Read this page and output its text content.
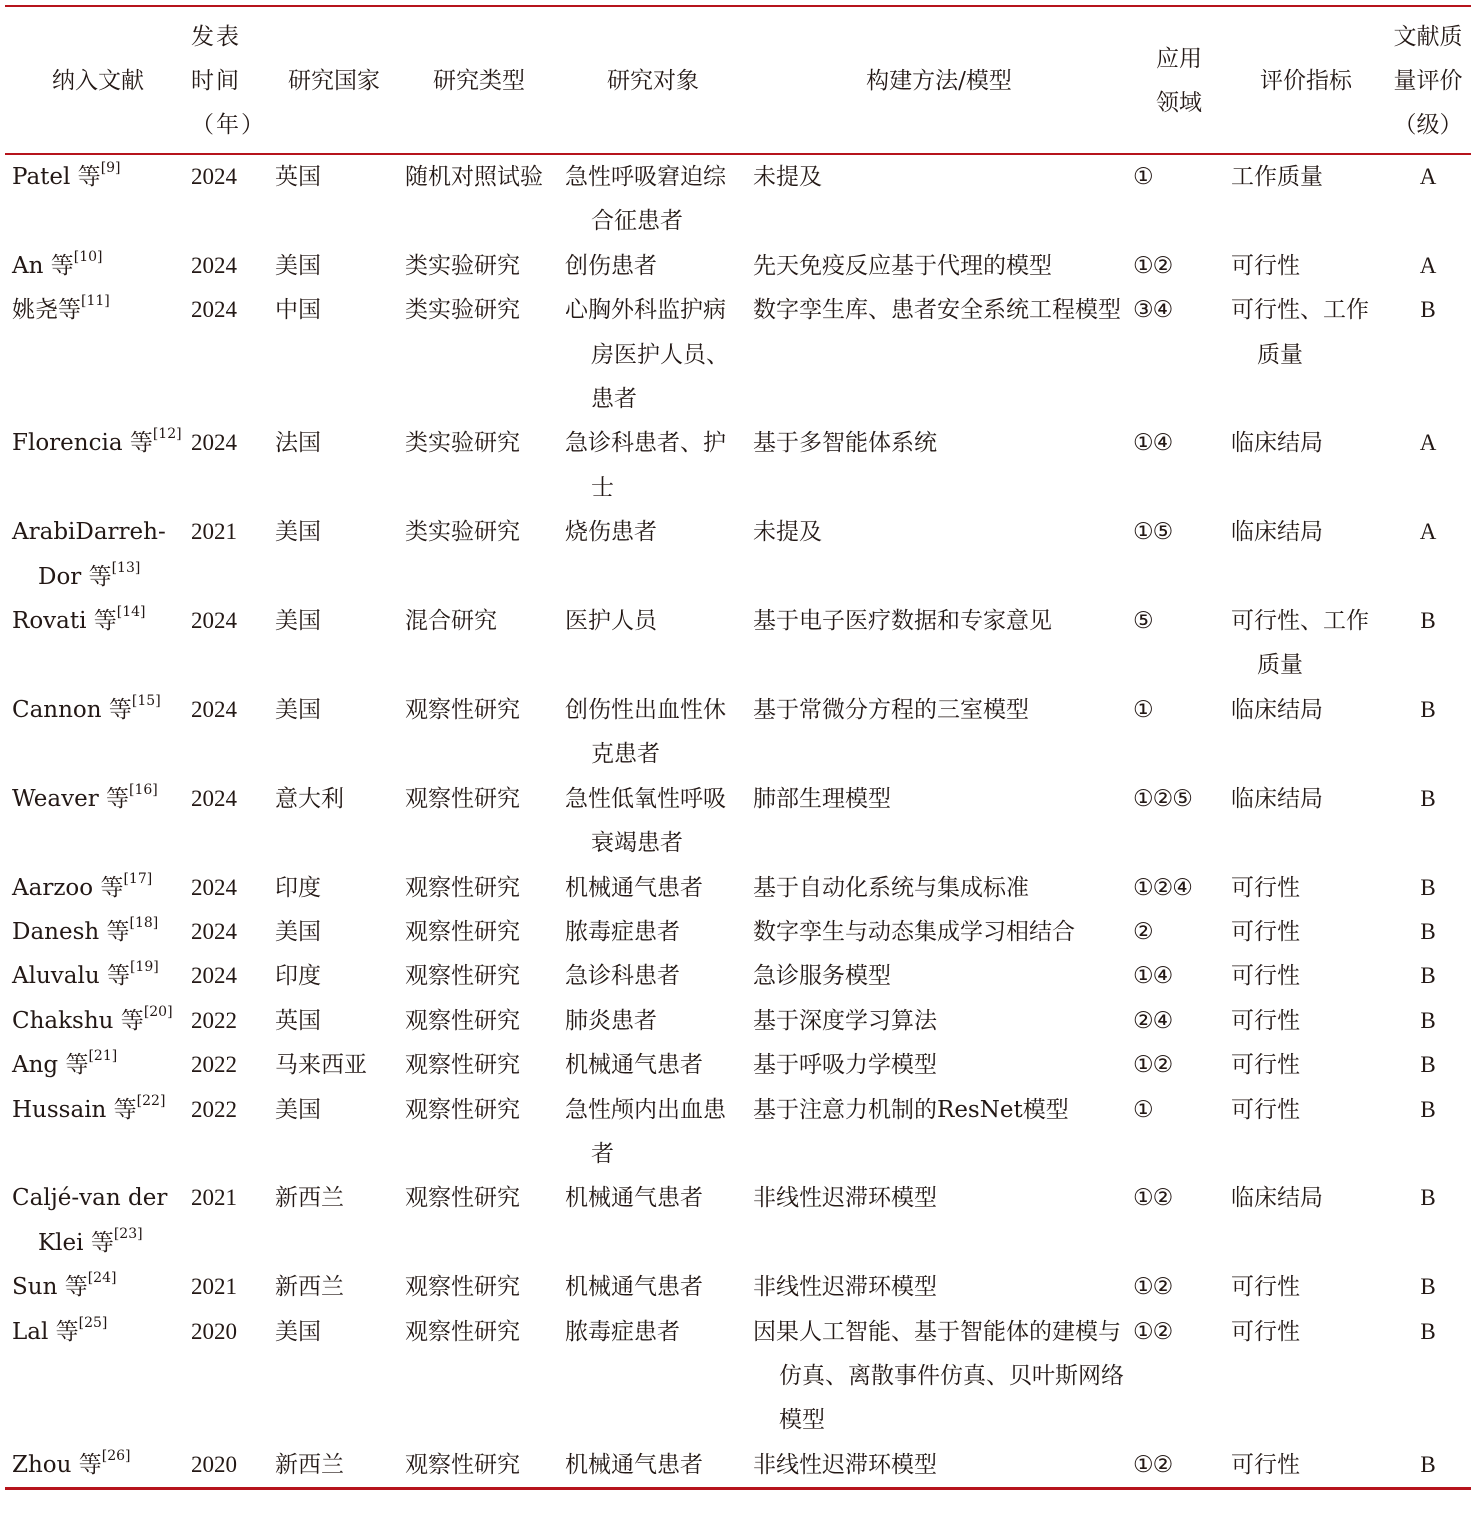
纳入文献	发表时间（年）	研究国家	研究类型	研究对象	构建方法/模型	应用领域	评价指标	文献质量评价（级）

Patel 等[9]	2024	英国	随机对照试验	急性呼吸窘迫综合征患者	未提及	①	工作质量	A

An 等[10]	2024	美国	类实验研究	创伤患者	先天免疫反应基于代理的模型	①②	可行性	A

姚尧等[11]	2024	中国	类实验研究	心胸外科监护病房医护人员、患者	数字孪生库、患者安全系统工程模型	③④	可行性、工作质量	B

Florencia 等[12]	2024	法国	类实验研究	急诊科患者、护士	基于多智能体系统	①④	临床结局	A

ArabiDarreh-Dor 等[13]	2021	美国	类实验研究	烧伤患者	未提及	①⑤	临床结局	A

Rovati 等[14]	2024	美国	混合研究	医护人员	基于电子医疗数据和专家意见	⑤	可行性、工作质量	B

Cannon 等[15]	2024	美国	观察性研究	创伤性出血性休克患者	基于常微分方程的三室模型	①	临床结局	B

Weaver 等[16]	2024	意大利	观察性研究	急性低氧性呼吸衰竭患者	肺部生理模型	①②⑤	临床结局	B

Aarzoo 等[17]	2024	印度	观察性研究	机械通气患者	基于自动化系统与集成标准	①②④	可行性	B

Danesh 等[18]	2024	美国	观察性研究	脓毒症患者	数字孪生与动态集成学习相结合	②	可行性	B

Aluvalu 等[19]	2024	印度	观察性研究	急诊科患者	急诊服务模型	①④	可行性	B

Chakshu 等[20]	2022	英国	观察性研究	肺炎患者	基于深度学习算法	②④	可行性	B

Ang 等[21]	2022	马来西亚	观察性研究	机械通气患者	基于呼吸力学模型	①②	可行性	B

Hussain 等[22]	2022	美国	观察性研究	急性颅内出血患者	基于注意力机制的ResNet模型	①	可行性	B

Caljé-van der Klei 等[23]	2021	新西兰	观察性研究	机械通气患者	非线性迟滞环模型	①②	临床结局	B

Sun 等[24]	2021	新西兰	观察性研究	机械通气患者	非线性迟滞环模型	①②	可行性	B

Lal 等[25]	2020	美国	观察性研究	脓毒症患者	因果人工智能、基于智能体的建模与仿真、离散事件仿真、贝叶斯网络模型	①②	可行性	B

Zhou 等[26]	2020	新西兰	观察性研究	机械通气患者	非线性迟滞环模型	①②	可行性	B
